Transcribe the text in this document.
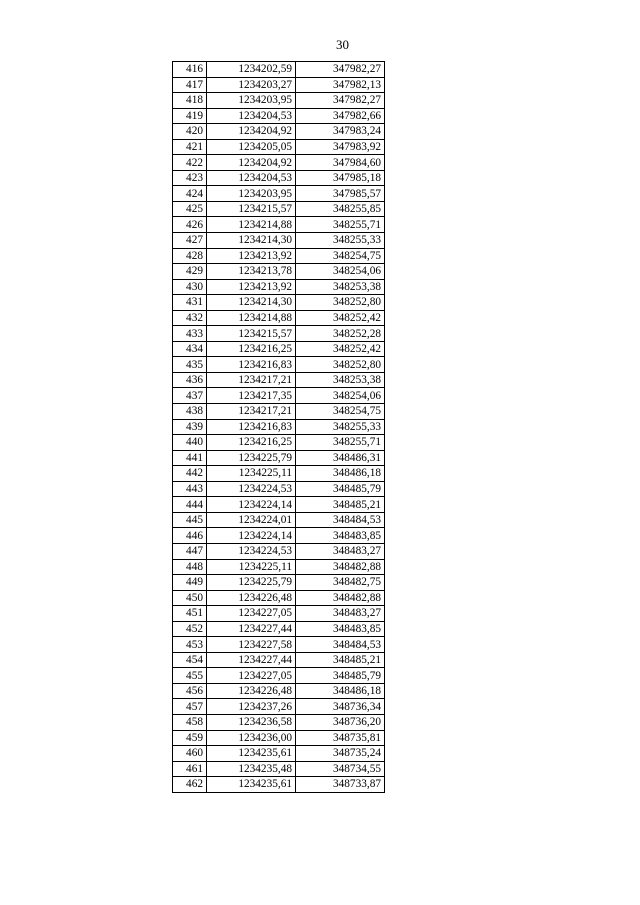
30
416	1234202,59	347982,27
417	1234203,27	347982,13
418	1234203,95	347982,27
419	1234204,53	347982,66
420	1234204,92	347983,24
421	1234205,05	347983,92
422	1234204,92	347984,60
423	1234204,53	347985,18
424	1234203,95	347985,57
425	1234215,57	348255,85
426	1234214,88	348255,71
427	1234214,30	348255,33
428	1234213,92	348254,75
429	1234213,78	348254,06
430	1234213,92	348253,38
431	1234214,30	348252,80
432	1234214,88	348252,42
433	1234215,57	348252,28
434	1234216,25	348252,42
435	1234216,83	348252,80
436	1234217,21	348253,38
437	1234217,35	348254,06
438	1234217,21	348254,75
439	1234216,83	348255,33
440	1234216,25	348255,71
441	1234225,79	348486,31
442	1234225,11	348486,18
443	1234224,53	348485,79
444	1234224,14	348485,21
445	1234224,01	348484,53
446	1234224,14	348483,85
447	1234224,53	348483,27
448	1234225,11	348482,88
449	1234225,79	348482,75
450	1234226,48	348482,88
451	1234227,05	348483,27
452	1234227,44	348483,85
453	1234227,58	348484,53
454	1234227,44	348485,21
455	1234227,05	348485,79
456	1234226,48	348486,18
457	1234237,26	348736,34
458	1234236,58	348736,20
459	1234236,00	348735,81
460	1234235,61	348735,24
461	1234235,48	348734,55
462	1234235,61	348733,87
